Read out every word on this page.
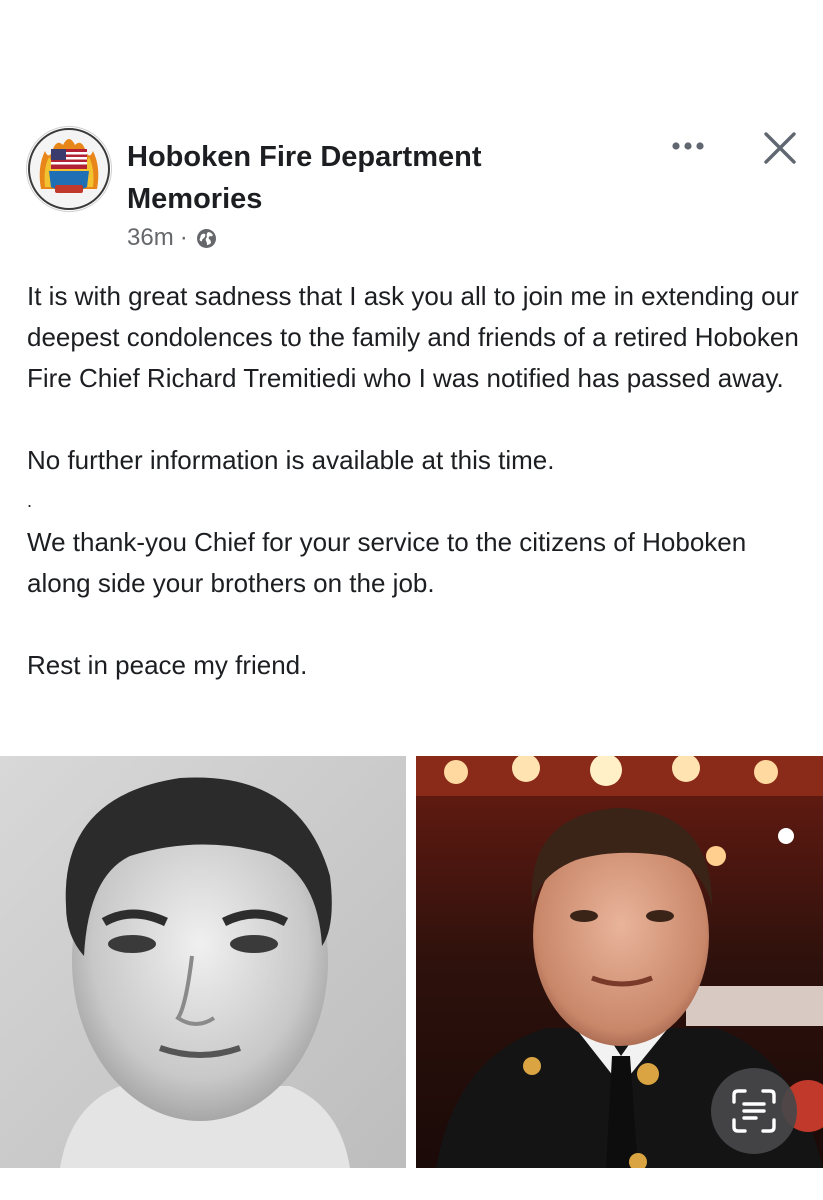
Hoboken Fire Department Memories
36m ·

It is with great sadness that I ask you all to join me in extending our deepest condolences to the family and friends of a retired Hoboken Fire Chief Richard Tremitiedi who I was notified has passed away.

No further information is available at this time.

.

We thank-you Chief for your service to the citizens of Hoboken along side your brothers on the job.

Rest in peace my friend.
